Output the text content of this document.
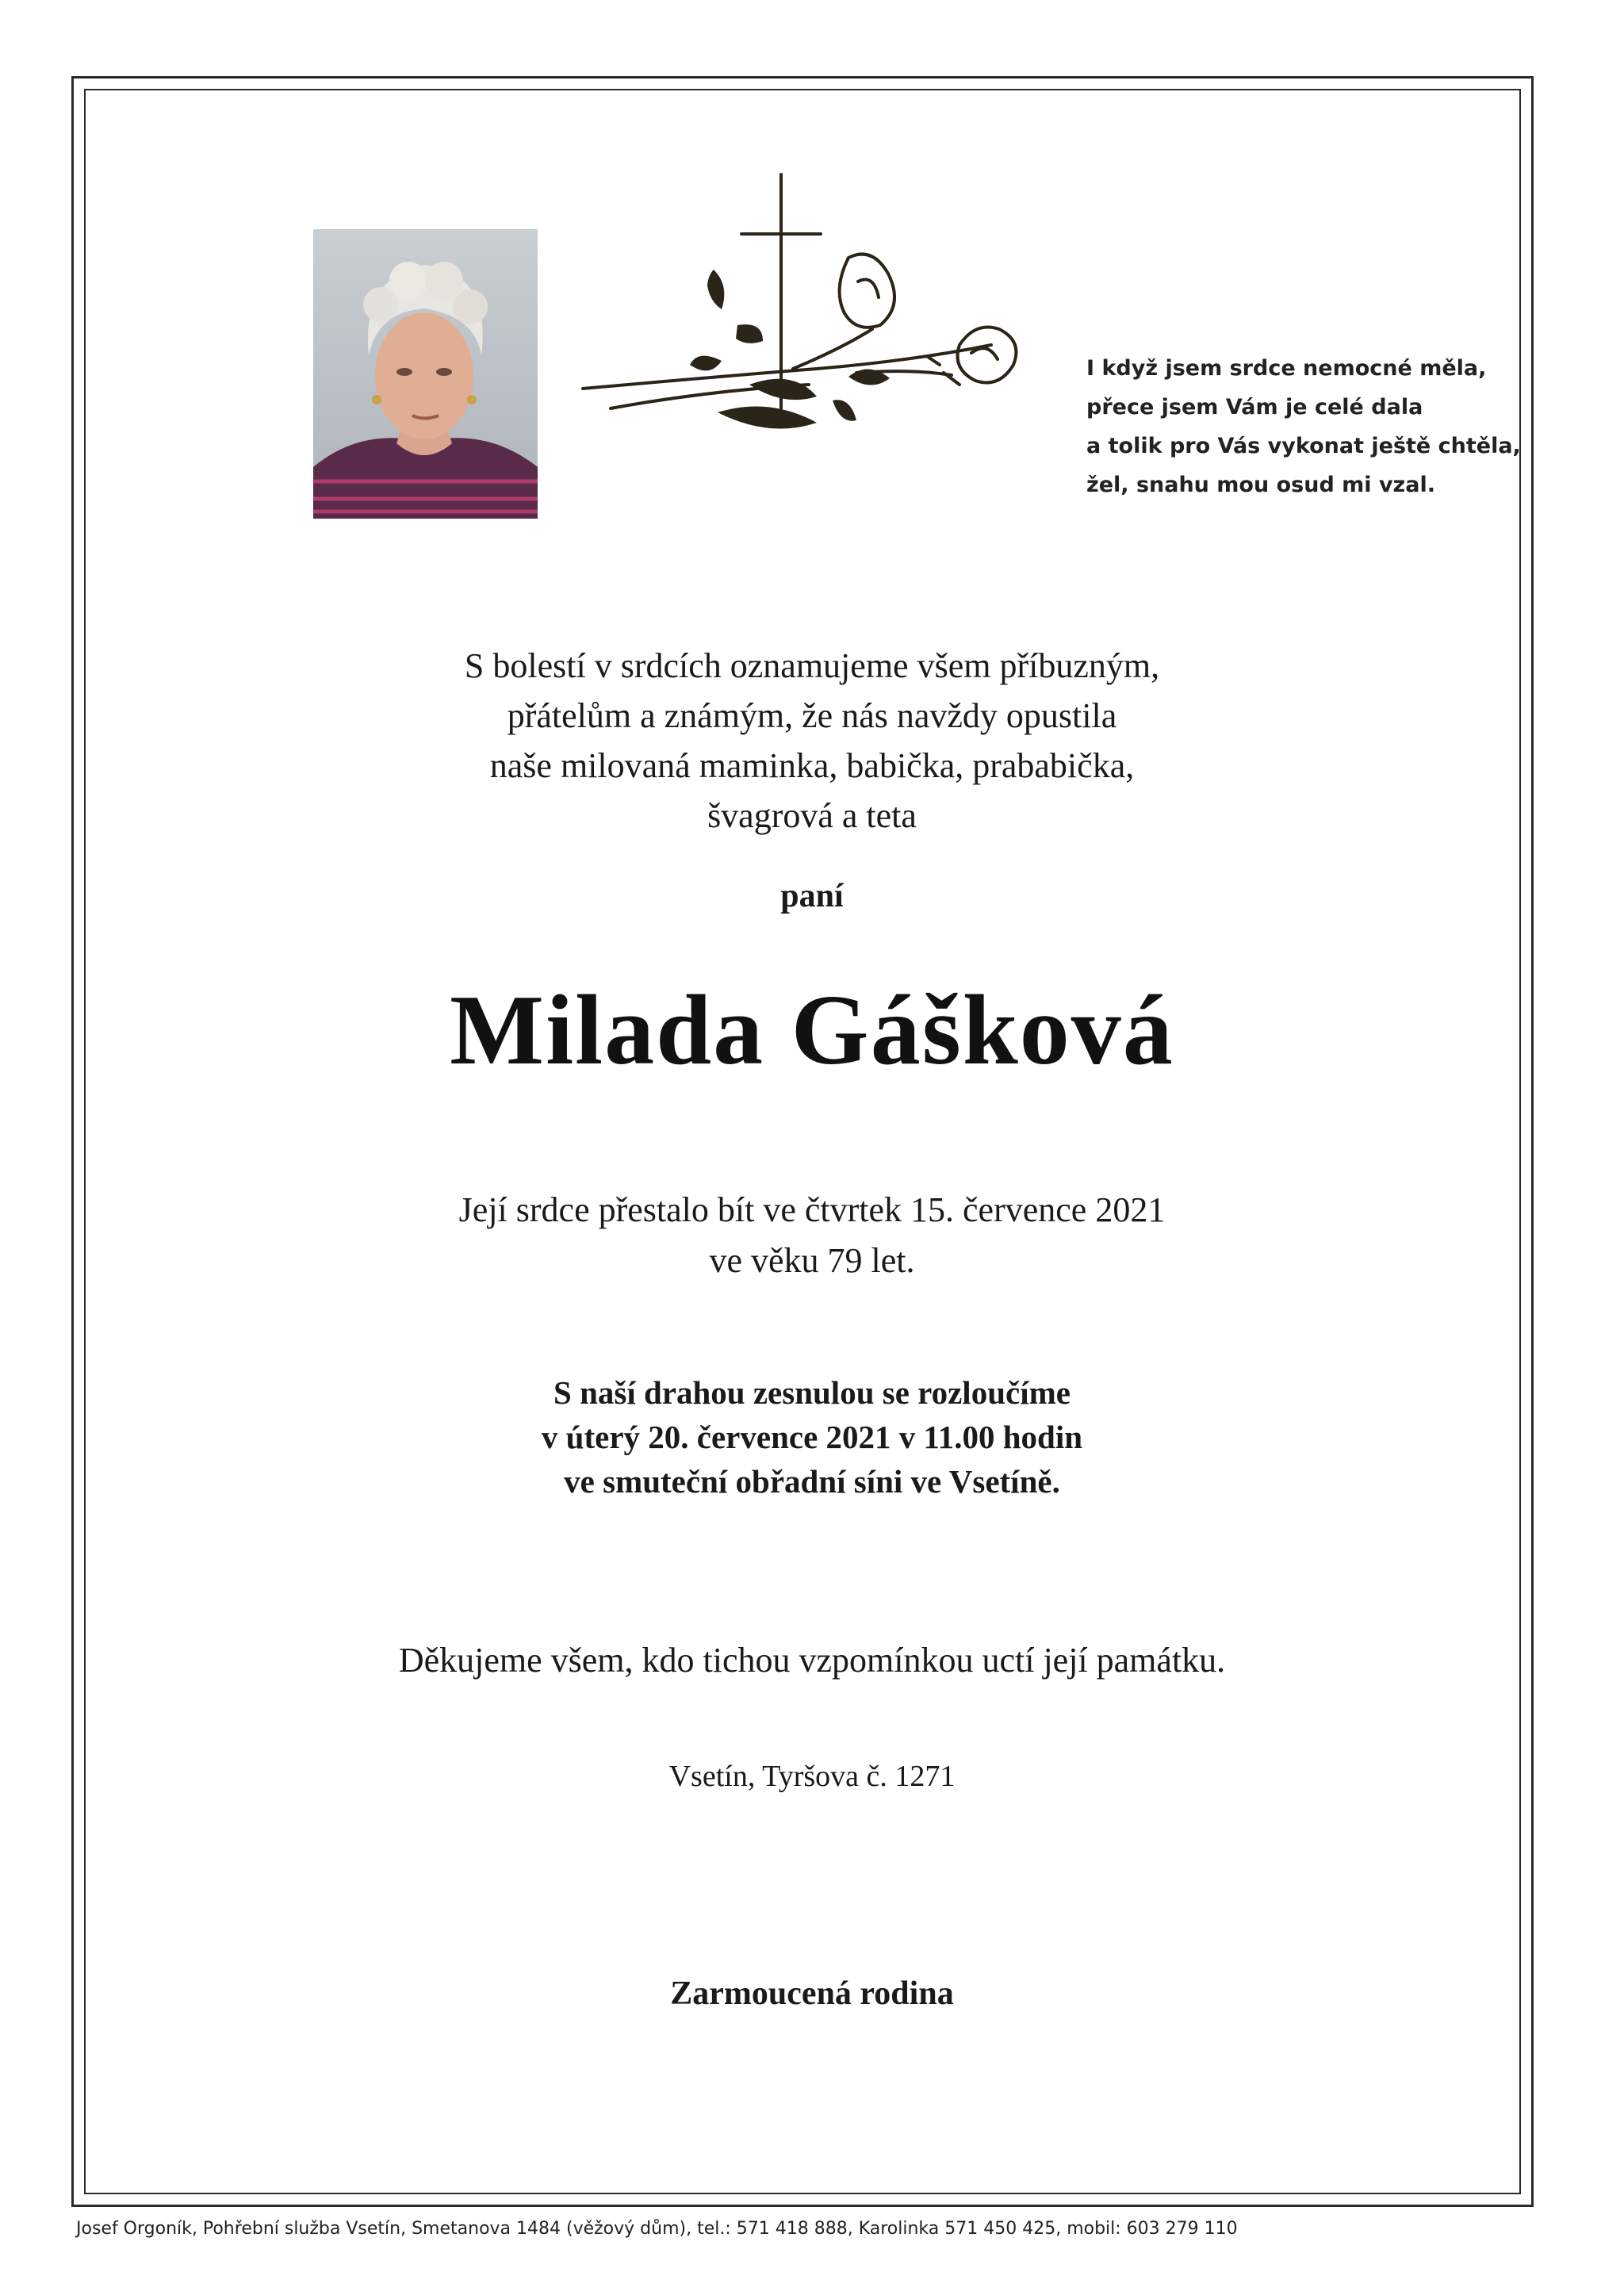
I když jsem srdce nemocné měla,
přece jsem Vám je celé dala
a tolik pro Vás vykonat ještě chtěla,
žel, snahu mou osud mi vzal.
S bolestí v srdcích oznamujeme všem příbuzným,
přátelům a známým, že nás navždy opustila
naše milovaná maminka, babička, prababička,
švagrová a teta
paní
Milada Gášková
Její srdce přestalo bít ve čtvrtek 15. července 2021
ve věku 79 let.
S naší drahou zesnulou se rozloučíme
v úterý 20. července 2021 v 11.00 hodin
ve smuteční obřadní síni ve Vsetíně.
Děkujeme všem, kdo tichou vzpomínkou uctí její památku.
Vsetín, Tyršova č. 1271
Zarmoucená rodina
Josef Orgoník, Pohřební služba Vsetín, Smetanova 1484 (věžový dům), tel.: 571 418 888, Karolinka 571 450 425, mobil: 603 279 110
